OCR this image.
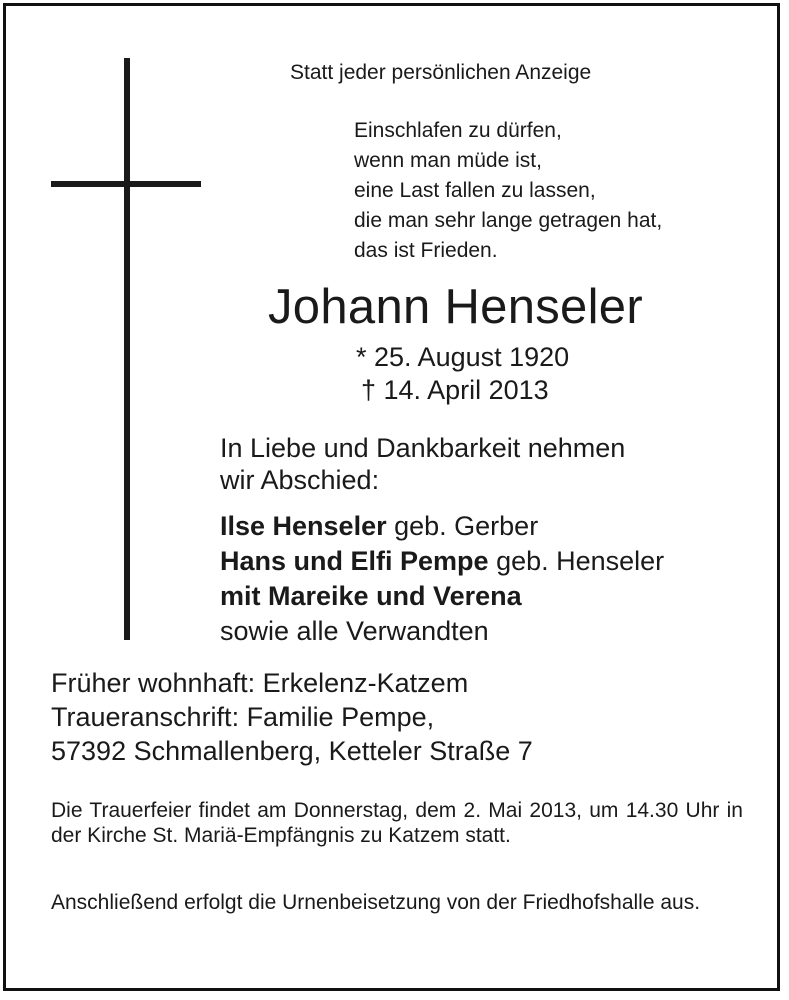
Statt jeder persönlichen Anzeige
Einschlafen zu dürfen,
wenn man müde ist,
eine Last fallen zu lassen,
die man sehr lange getragen hat,
das ist Frieden.
Johann Henseler
* 25. August 1920
† 14. April 2013
In Liebe und Dankbarkeit nehmen
wir Abschied:
Ilse Henseler geb. Gerber
Hans und Elfi Pempe geb. Henseler
mit Mareike und Verena
sowie alle Verwandten
Früher wohnhaft: Erkelenz-Katzem
Traueranschrift: Familie Pempe,
57392 Schmallenberg, Ketteler Straße 7
Die Trauerfeier findet am Donnerstag, dem 2. Mai 2013, um 14.30 Uhr in der Kirche St. Mariä-Empfängnis zu Katzem statt.
Anschließend erfolgt die Urnenbeisetzung von der Friedhofshalle aus.
